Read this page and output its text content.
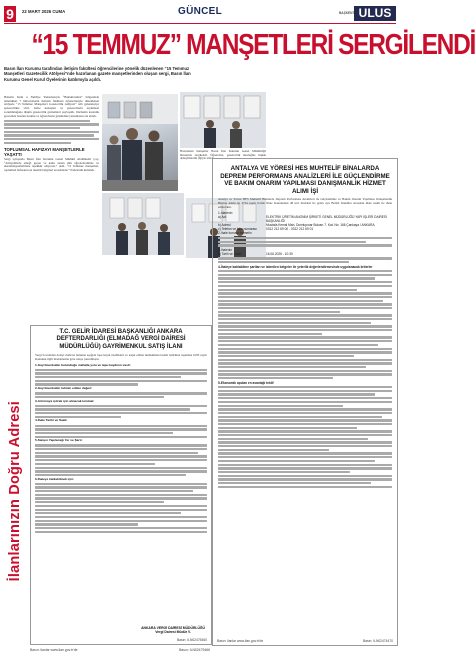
9	22 MART 2026 CUMA	GÜNCEL	BAŞKENT ULUS
“15 TEMMUZ” MANŞETLERİ SERGİLENDİ
Basın İlan Kurumu tarafından iletişim fakültesi öğrencilerine yönelik düzenlenen “15 Temmuz Manşetleri Gazetecilik Atölyesi”nde hazırlanan gazete manşetlerinden oluşan sergi, Basın İlan Kurumu Genel Kurul Öyelerinin katılımıyla açıldı.
Haberin Kum u Nahliye Yansımasıyla “Baktıklarımız” bölgesinde tematikleri 7 üniversitenin iletişim fakültesi öğrencileriyle düzenlenen atölyede “15 Temmuz Manşetleri Gazetecilik Atölyesi” adlı gelenekçiye gazetecilikte sivil, darbe konuşları ve gazetecilerin toplumsal sorumluluğuna ilişkin gazetecilik gözlemleri paylaşıldı. Darbenin karanlık gecesinde basının tutumu ve öğrencilerin gözündeki yansımaları ele alındı.
TOPLUMSAL HAFIZAYI MANŞETLERLE YAŞATTI
Sergi açılışında Basın İlan Kurumu Genel Müdürü Abdülkadir Çay, “Atölyemizde emeği geçen ve katkı sunan tüm öğrencilerimize ve akademisyenlerimize teşekkür ediyoruz.” dedi. “15 Temmuz manşetleri, toplumsal hafızanın en önemli belgeleri arasındadır.” ifadelerini kullandı.
Hazırlanan manşetler Basın İlan Kurumu Genel Müdürlüğü binasında sergilendi. Öğrenciler, gazetecilik mesleğine ilişkin deneyimlerini ilgiyle izledi.
İlanlarınızın Doğru Adresi
T.C. GELİR İDARESİ BAŞKANLIĞI ANKARA DEFTERDARLIĞI (ELMADAĞ VERGİ DAİRESİ MÜDÜRLÜĞÜ) GAYRİMENKUL SATIŞ İLANI
Vergi borcundan dolayı mahcuz bulunan aşağıda tapu kaydı özellikleri ve tespit edilen muhammen bedeli belirtilen taşınmaz 6183 sayılı Kanunun ilgili maddelerine göre satışa çıkarılmıştır.
1-Gayrimenkulün bulunduğu mahalle,yolu ve tapu kaydının vasfı:
2-Gayrimenkulün tahmin edilen değeri:
3-Artırmaya iştirak için alınacak teminat:
4-İhale Tarihi ve Saati:
5-Satışın Yapılacağı Yer ve Şartı:
6-İhaleye katılabilmek için:
ANKARA VERGİ DAİRESİ MÜDÜRLÜĞÜ
Vergi Dairesi Müdür V.
Basın: ILN02475460
ANTALYA VE YÖRESİ HES MUHTELİF BİNALARDA DEPREM PERFORMANS ANALİZLERİ İLE GÜÇLENDİRME VE BAKIM ONARIM YAPILMASI DANIŞMANLIK HİZMET ALIMI İŞİ
Antalya ve Yöresi HES Muhtelif Binalarda Deprem Performans Analizleri ile Güçlendirme ve Bakım Onarım Yapılması Danışmanlık Hizmet Alımı işi 4734 sayılı Kamu İhale Kanununun 48 inci maddesi ile gelen ayrı Belirli İstekliler Arasında ihale usulü ile ihale edilecektir.
1-İdarenin
a) Adı	ELEKTRİK ÜRETİM ANONİM ŞİRKETİ GENEL MÜDÜRLÜĞÜ YAPI İŞLERİ DAİRESİ BAŞKANLIĞI
b) Adresi	Mustafa Kemal Mah. Dumlupınar Bulvarı 7. Kat. No: 166 Çankaya / ANKARA
c) Telefon ve faks numarası	0312 212 69 00 - 0312 212 69 01
2-İhale konusu hizmetin
3-İhalenin
b) Tarih ve Saati	16.06.2026 - 10:30
4-İhaleye katılabilme şartları ve istenilen belgeler ile yeterlik değerlendirmesinde uygulanacak kriterler
5-Ekonomik açıdan en avantajlı teklif
Basın: ilanlar www.ilan.gov.tr'de	Basın: ILN02474470
Basın: ilanlar www.ilan.gov.tr'de	Basın: ILN02479466
